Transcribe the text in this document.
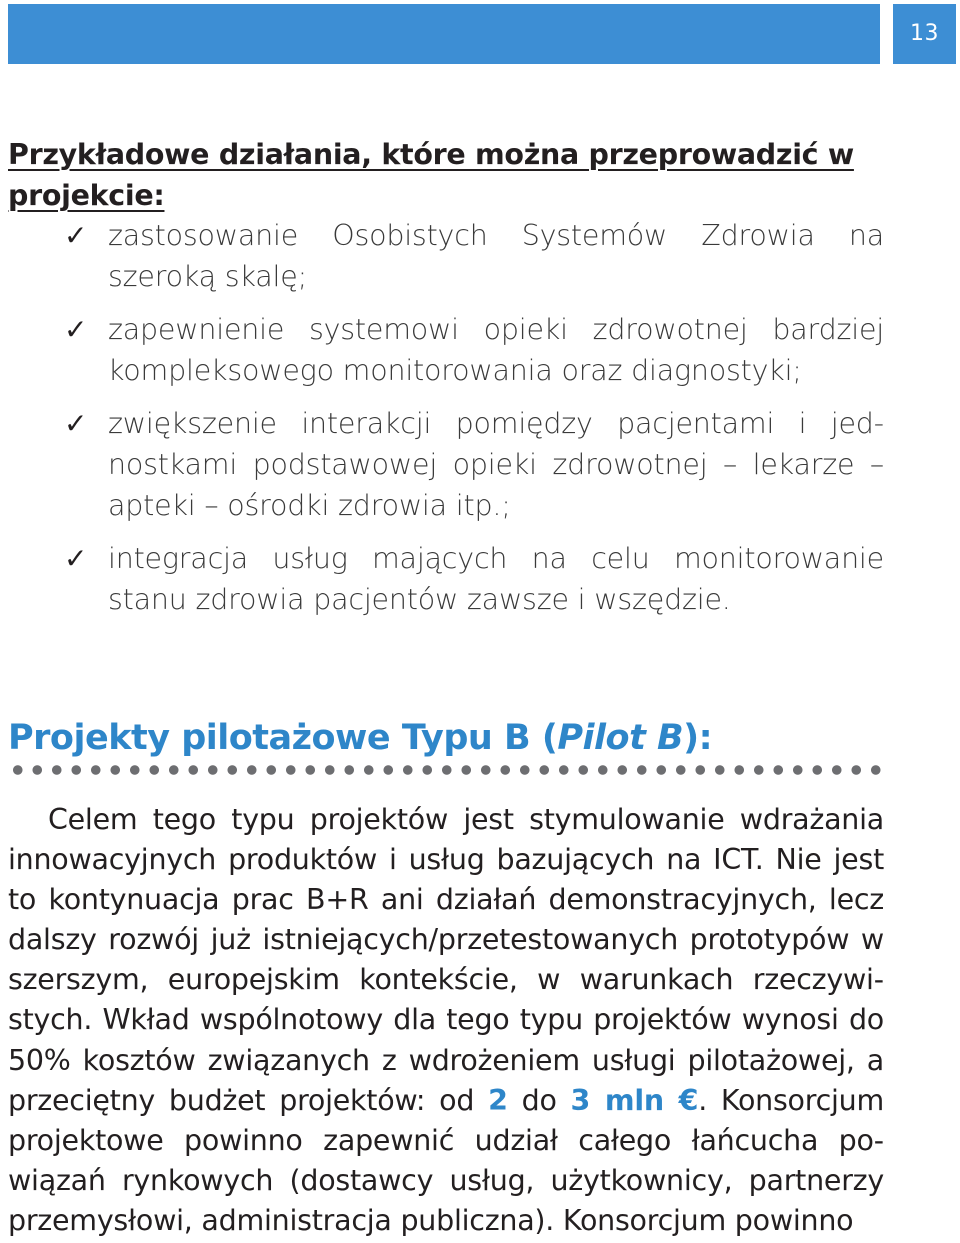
13
Przykładowe działania, które można przeprowadzić w projekcie:
✓ zastosowanie Osobistych Systemów Zdrowia na szeroką skalę;
✓ zapewnienie systemowi opieki zdrowotnej bardziej kompleksowego monitorowania oraz diagnostyki;
✓ zwiększenie interakcji pomiędzy pacjentami i jednostkami podstawowej opieki zdrowotnej – lekarze – apteki – ośrodki zdrowia itp.;
✓ integracja usług mających na celu monitorowanie stanu zdrowia pacjentów zawsze i wszędzie.
Projekty pilotażowe Typu B (Pilot B):

Celem tego typu projektów jest stymulowanie wdrażania innowacyjnych produktów i usług bazujących na ICT. Nie jest to kontynuacja prac B+R ani działań demonstracyjnych, lecz dalszy rozwój już istniejących/przetestowanych prototypów w szerszym, europejskim kontekście, w warunkach rzeczywistych. Wkład wspólnotowy dla tego typu projektów wynosi do 50% kosztów związanych z wdrożeniem usługi pilotażowej, a przeciętny budżet projektów: od 2 do 3 mln €. Konsorcjum projektowe powinno zapewnić udział całego łańcucha powiązań rynkowych (dostawcy usług, użytkownicy, partnerzy przemysłowi, administracja publiczna). Konsorcjum powinno
